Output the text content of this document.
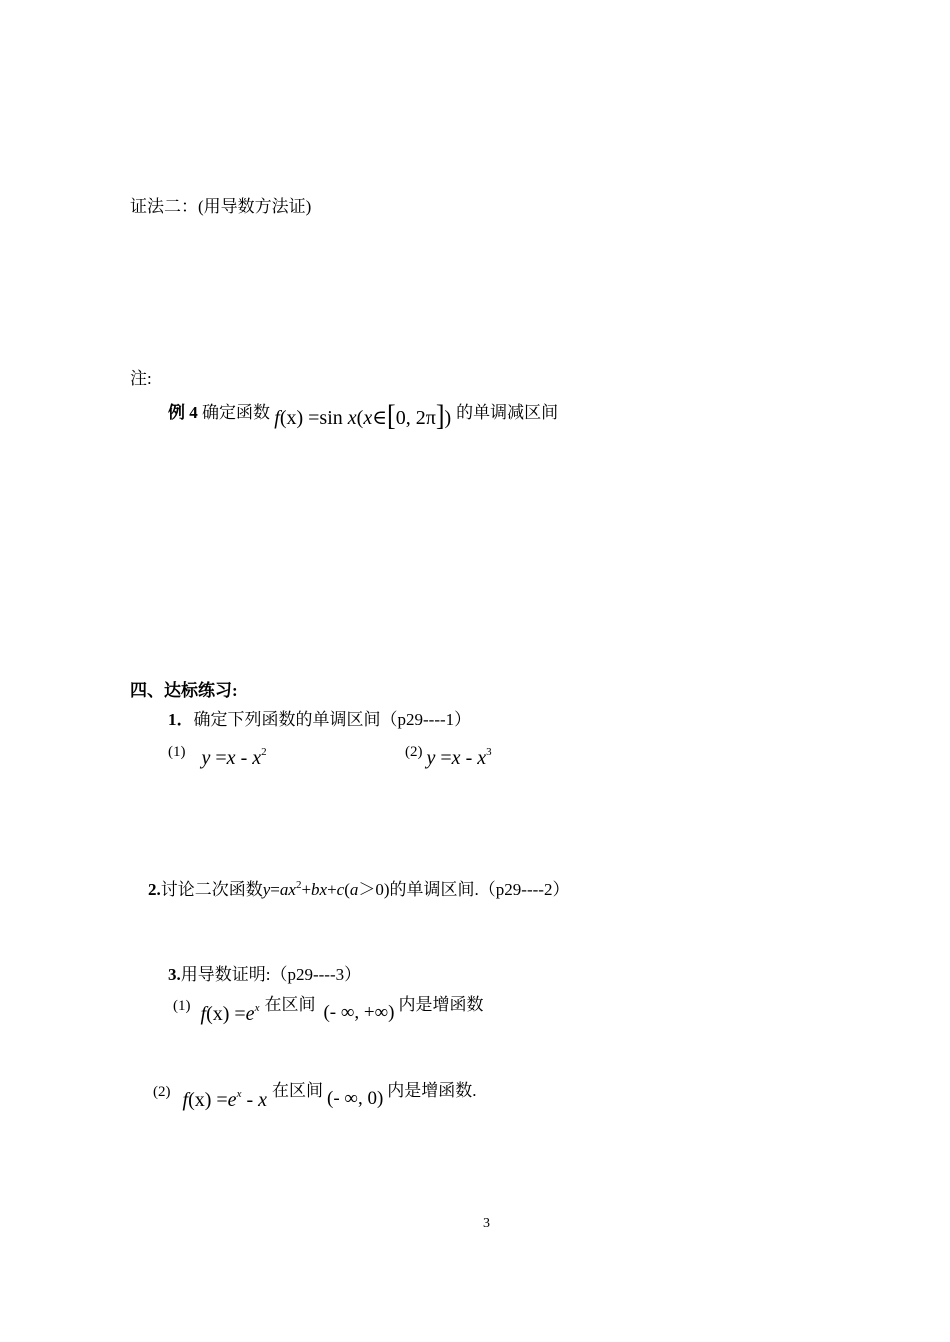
证法二：(用导数方法证)
注:
例 4 确定函数 f(x) =sin x(x∈[0, 2π]) 的单调减区间
四、达标练习:
1．确定下列函数的单调区间（p29----1）
(1) $y =x - x^2$	(2) $y =x - x^3$
2.讨论二次函数$y=ax^2+bx+c(a>0)$的单调区间.（p29----2）
3.用导数证明:（p29----3）
(1) $f(x) =e^x$ 在区间 (- ∞, +∞) 内是增函数
(2) $f(x) =e^x - x$ 在区间 (- ∞, 0) 内是增函数.
3
